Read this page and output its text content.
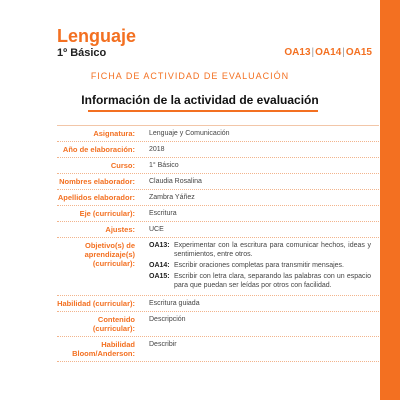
Lenguaje
1º Básico	OA13|OA14|OA15
FICHA DE ACTIVIDAD DE EVALUACIÓN
Información de la actividad de evaluación
Asignatura:	Lenguaje y Comunicación
Año de elaboración:	2018
Curso:	1° Básico
Nombres elaborador:	Claudia Rosalina
Apellidos elaborador:	Zambra Yáñez
Eje (curricular):	Escritura
Ajustes:	UCE
Objetivo(s) de aprendizaje(s) (curricular):
OA13: Experimentar con la escritura para comunicar hechos, ideas y sentimientos, entre otros.
OA14: Escribir oraciones completas para transmitir mensajes.
OA15: Escribir con letra clara, separando las palabras con un espacio para que puedan ser leídas por otros con facilidad.
Habilidad (curricular):	Escritura guiada
Contenido (curricular):
Descripción
Habilidad Bloom/Anderson:
Describir
